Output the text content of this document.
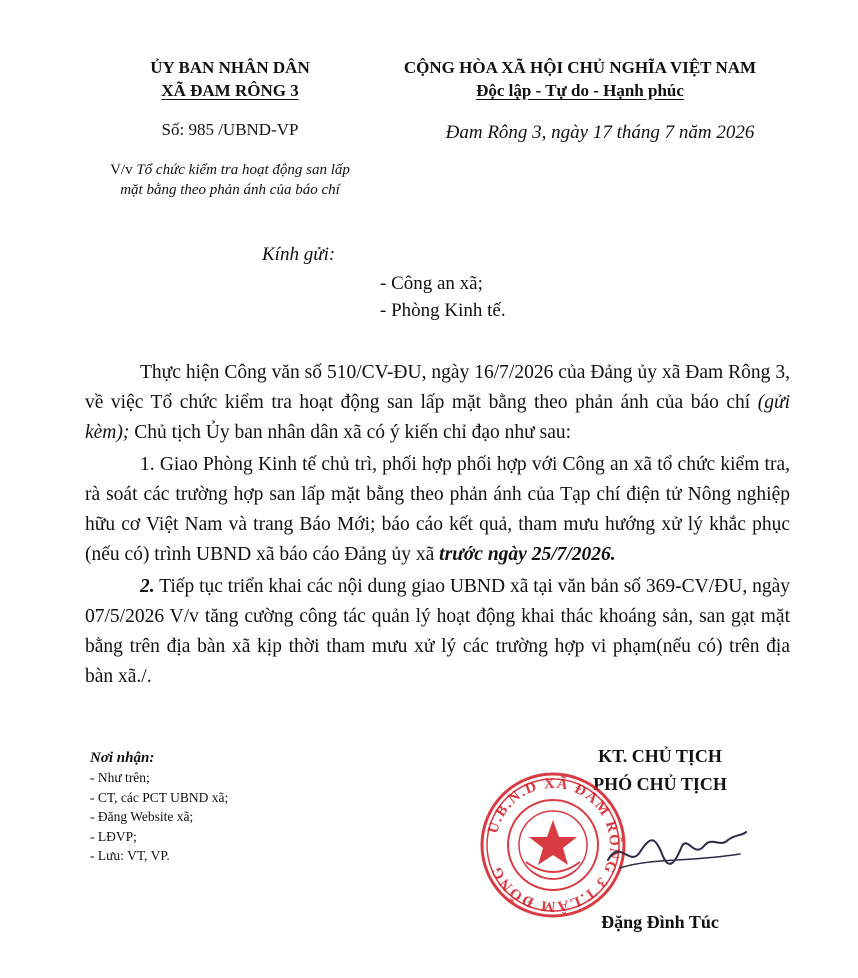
ỦY BAN NHÂN DÂN
XÃ ĐAM RÔNG 3
CỘNG HÒA XÃ HỘI CHỦ NGHĨA VIỆT NAM
Độc lập - Tự do - Hạnh phúc
Số: 985 /UBND-VP	Đam Rông 3, ngày 17 tháng 7 năm 2026
V/v Tổ chức kiểm tra hoạt động san lấp mặt bằng theo phản ánh của báo chí
Kính gửi:
- Công an xã;
- Phòng Kinh tế.

Thực hiện Công văn số 510/CV-ĐU, ngày 16/7/2026 của Đảng ủy xã Đam Rông 3, về việc Tổ chức kiểm tra hoạt động san lấp mặt bằng theo phản ánh của báo chí (gửi kèm); Chủ tịch Ủy ban nhân dân xã có ý kiến chỉ đạo như sau:

1. Giao Phòng Kinh tế chủ trì, phối hợp phối hợp với Công an xã tổ chức kiểm tra, rà soát các trường hợp san lấp mặt bằng theo phản ánh của Tạp chí điện tử Nông nghiệp hữu cơ Việt Nam và trang Báo Mới; báo cáo kết quả, tham mưu hướng xử lý khắc phục (nếu có) trình UBND xã báo cáo Đảng ủy xã trước ngày 25/7/2026.

2. Tiếp tục triển khai các nội dung giao UBND xã tại văn bản số 369-CV/ĐU, ngày 07/5/2026 V/v tăng cường công tác quản lý hoạt động khai thác khoáng sản, san gạt mặt bằng trên địa bàn xã kịp thời tham mưu xử lý các trường hợp vi phạm(nếu có) trên địa bàn xã./.

Nơi nhận:
- Như trên;
- CT, các PCT UBND xã;
- Đăng Website xã;
- LĐVP;
- Lưu: VT, VP.
KT. CHỦ TỊCH
PHÓ CHỦ TỊCH
U.B.N.D XÃ ĐAM RÔNG 3 T.LÂM ĐỒNG
Đặng Đình Túc
